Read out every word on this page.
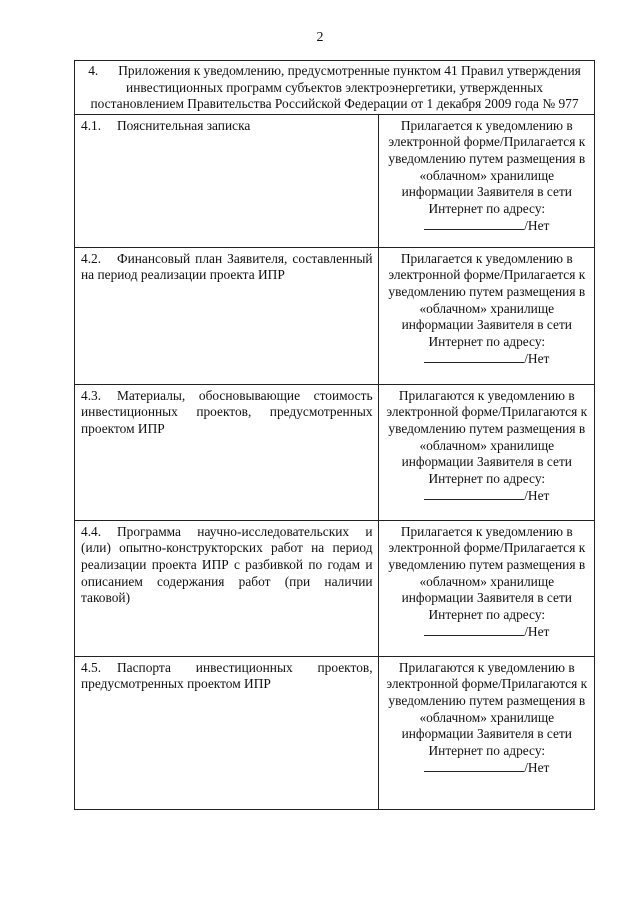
2
4. Приложения к уведомлению, предусмотренные пунктом 41 Правил утверждения инвестиционных программ субъектов электроэнергетики, утвержденных постановлением Правительства Российской Федерации от 1 декабря 2009 года № 977	
4.1. Пояснительная записка	Прилагается к уведомлению в электронной форме/Прилагается к уведомлению путем размещения в «облачном» хранилище информации Заявителя в сети Интернет по адресу:/Нет
4.2. Финансовый план Заявителя, составленный на период реализации проекта ИПР	Прилагается к уведомлению в электронной форме/Прилагается к уведомлению путем размещения в «облачном» хранилище информации Заявителя в сети Интернет по адресу:/Нет
4.3. Материалы, обосновывающие стоимость инвестиционных проектов, предусмотренных проектом ИПР	Прилагаются к уведомлению в электронной форме/Прилагаются к уведомлению путем размещения в «облачном» хранилище информации Заявителя в сети Интернет по адресу:/Нет
4.4. Программа научно-исследовательских и (или) опытно-конструкторских работ на период реализации проекта ИПР с разбивкой по годам и описанием содержания работ (при наличии таковой)	Прилагается к уведомлению в электронной форме/Прилагается к уведомлению путем размещения в «облачном» хранилище информации Заявителя в сети Интернет по адресу:/Нет
4.5. Паспорта инвестиционных проектов, предусмотренных проектом ИПР	Прилагаются к уведомлению в электронной форме/Прилагаются к уведомлению путем размещения в «облачном» хранилище информации Заявителя в сети Интернет по адресу:/Нет
